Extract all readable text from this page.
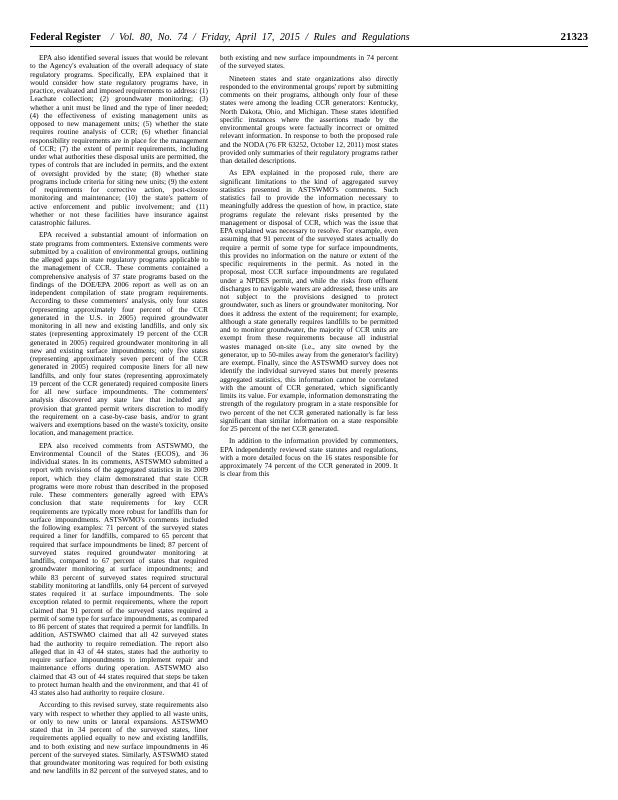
Federal Register / Vol. 80, No. 74 / Friday, April 17, 2015 / Rules and Regulations	21323

EPA also identified several issues that would be relevant to the Agency's evaluation of the overall adequacy of state regulatory programs. Specifically, EPA explained that it would consider how state regulatory programs have, in practice, evaluated and imposed requirements to address: (1) Leachate collection; (2) groundwater monitoring; (3) whether a unit must be lined and the type of liner needed; (4) the effectiveness of existing management units as opposed to new management units; (5) whether the state requires routine analysis of CCR; (6) whether financial responsibility requirements are in place for the management of CCR; (7) the extent of permit requirements, including under what authorities these disposal units are permitted, the types of controls that are included in permits, and the extent of oversight provided by the state; (8) whether state programs include criteria for siting new units; (9) the extent of requirements for corrective action, post-closure monitoring and maintenance; (10) the state's pattern of active enforcement and public involvement; and (11) whether or not these facilities have insurance against catastrophic failures.

EPA received a substantial amount of information on state programs from commenters. Extensive comments were submitted by a coalition of environmental groups, outlining the alleged gaps in state regulatory programs applicable to the management of CCR. These comments contained a comprehensive analysis of 37 state programs based on the findings of the DOE/EPA 2006 report as well as on an independent compilation of state program requirements. According to these commenters' analysis, only four states (representing approximately four percent of the CCR generated in the U.S. in 2005) required groundwater monitoring in all new and existing landfills, and only six states (representing approximately 19 percent of the CCR generated in 2005) required groundwater monitoring in all new and existing surface impoundments; only five states (representing approximately seven percent of the CCR generated in 2005) required composite liners for all new landfills, and only four states (representing approximately 19 percent of the CCR generated) required composite liners for all new surface impoundments. The commenters' analysis discovered any state law that included any provision that granted permit writers discretion to modify the requirement on a case-by-case basis, and/or to grant waivers and exemptions based on the waste's toxicity, onsite location, and management practice.

EPA also received comments from ASTSWMO, the Environmental Council of the States (ECOS), and 36 individual states. In its comments, ASTSWMO submitted a report with revisions of the aggregated statistics in its 2009 report, which they claim demonstrated that state CCR programs were more robust than described in the proposed rule. These commenters generally agreed with EPA's conclusion that state requirements for key CCR requirements are typically more robust for landfills than for surface impoundments. ASTSWMO's comments included the following examples: 71 percent of the surveyed states required a liner for landfills, compared to 65 percent that required that surface impoundments be lined; 87 percent of surveyed states required groundwater monitoring at landfills, compared to 67 percent of states that required groundwater monitoring at surface impoundments; and while 83 percent of surveyed states required structural stability monitoring at landfills, only 64 percent of surveyed states required it at surface impoundments. The sole exception related to permit requirements, where the report claimed that 91 percent of the surveyed states required a permit of some type for surface impoundments, as compared to 86 percent of states that required a permit for landfills. In addition, ASTSWMO claimed that all 42 surveyed states had the authority to require remediation. The report also alleged that in 43 of 44 states, states had the authority to require surface impoundments to implement repair and maintenance efforts during operation. ASTSWMO also claimed that 43 out of 44 states required that steps be taken to protect human health and the environment, and that 41 of 43 states also had authority to require closure.

According to this revised survey, state requirements also vary with respect to whether they applied to all waste units, or only to new units or lateral expansions. ASTSWMO stated that in 34 percent of the surveyed states, liner requirements applied equally to new and existing landfills, and to both existing and new surface impoundments in 46 percent of the surveyed states. Similarly, ASTSWMO stated that groundwater monitoring was required for both existing and new landfills in 82 percent of the surveyed states, and to both existing and new surface impoundments in 74 percent of the surveyed states.

Nineteen states and state organizations also directly responded to the environmental groups' report by submitting comments on their programs, although only four of these states were among the leading CCR generators: Kentucky, North Dakota, Ohio, and Michigan. These states identified specific instances where the assertions made by the environmental groups were factually incorrect or omitted relevant information. In response to both the proposed rule and the NODA (76 FR 63252, October 12, 2011) most states provided only summaries of their regulatory programs rather than detailed descriptions.

As EPA explained in the proposed rule, there are significant limitations to the kind of aggregated survey statistics presented in ASTSWMO's comments. Such statistics fail to provide the information necessary to meaningfully address the question of how, in practice, state programs regulate the relevant risks presented by the management or disposal of CCR, which was the issue that EPA explained was necessary to resolve. For example, even assuming that 91 percent of the surveyed states actually do require a permit of some type for surface impoundments, this provides no information on the nature or extent of the specific requirements in the permit. As noted in the proposal, most CCR surface impoundments are regulated under a NPDES permit, and while the risks from effluent discharges to navigable waters are addressed, these units are not subject to the provisions designed to protect groundwater, such as liners or groundwater monitoring. Nor does it address the extent of the requirement; for example, although a state generally requires landfills to be permitted and to monitor groundwater, the majority of CCR units are exempt from these requirements because all industrial wastes managed on-site (i.e., any site owned by the generator, up to 50-miles away from the generator's facility) are exempt. Finally, since the ASTSWMO survey does not identify the individual surveyed states but merely presents aggregated statistics, this information cannot be correlated with the amount of CCR generated, which significantly limits its value. For example, information demonstrating the strength of the regulatory program in a state responsible for two percent of the net CCR generated nationally is far less significant than similar information on a state responsible for 25 percent of the net CCR generated.

In addition to the information provided by commenters, EPA independently reviewed state statutes and regulations, with a more detailed focus on the 16 states responsible for approximately 74 percent of the CCR generated in 2009. It is clear from this
